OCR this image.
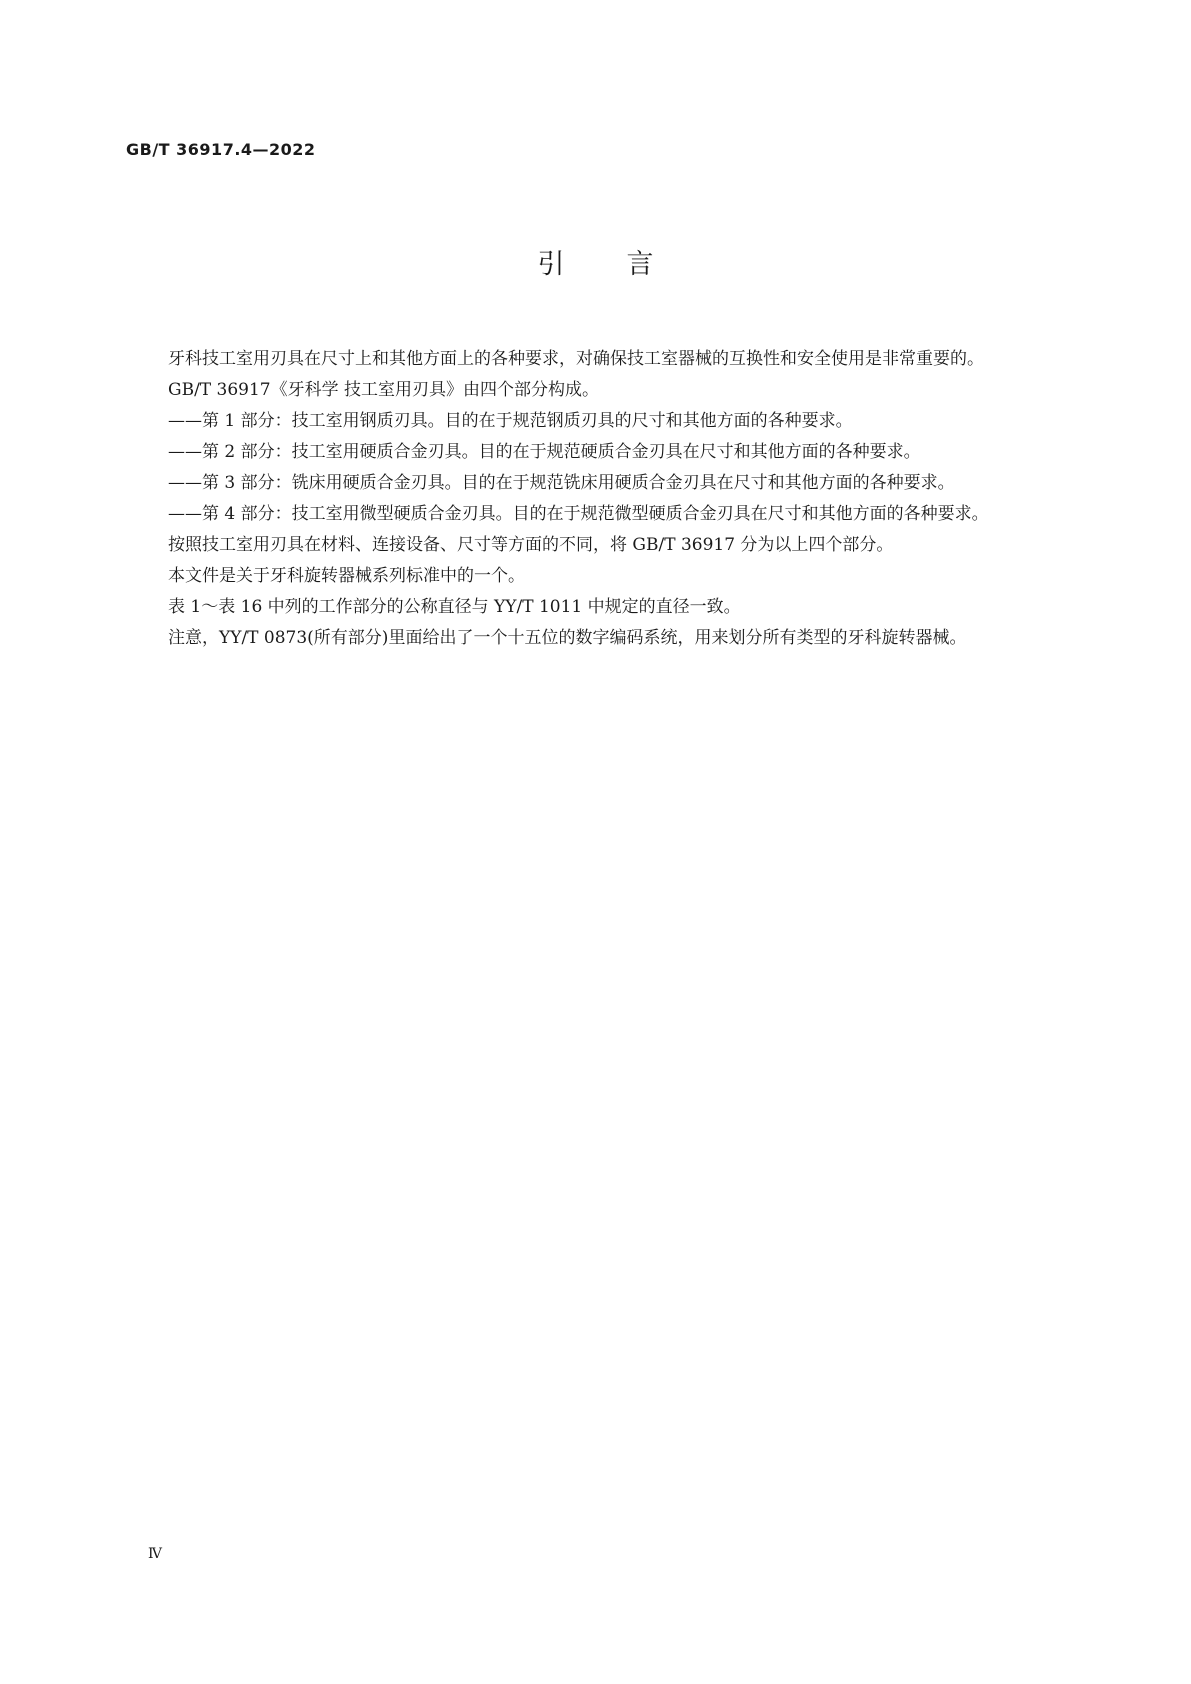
GB/T 36917.4—2022
引言

牙科技工室用刃具在尺寸上和其他方面上的各种要求，对确保技工室器械的互换性和安全使用是非常重要的。

GB/T 36917《牙科学 技工室用刃具》由四个部分构成。

——第 1 部分：技工室用钢质刃具。目的在于规范钢质刃具的尺寸和其他方面的各种要求。

——第 2 部分：技工室用硬质合金刃具。目的在于规范硬质合金刃具在尺寸和其他方面的各种要求。

——第 3 部分：铣床用硬质合金刃具。目的在于规范铣床用硬质合金刃具在尺寸和其他方面的各种要求。

——第 4 部分：技工室用微型硬质合金刃具。目的在于规范微型硬质合金刃具在尺寸和其他方面的各种要求。

按照技工室用刃具在材料、连接设备、尺寸等方面的不同，将 GB/T 36917 分为以上四个部分。

本文件是关于牙科旋转器械系列标准中的一个。

表 1～表 16 中列的工作部分的公称直径与 YY/T 1011 中规定的直径一致。

注意，YY/T 0873(所有部分)里面给出了一个十五位的数字编码系统，用来划分所有类型的牙科旋转器械。

Ⅳ
